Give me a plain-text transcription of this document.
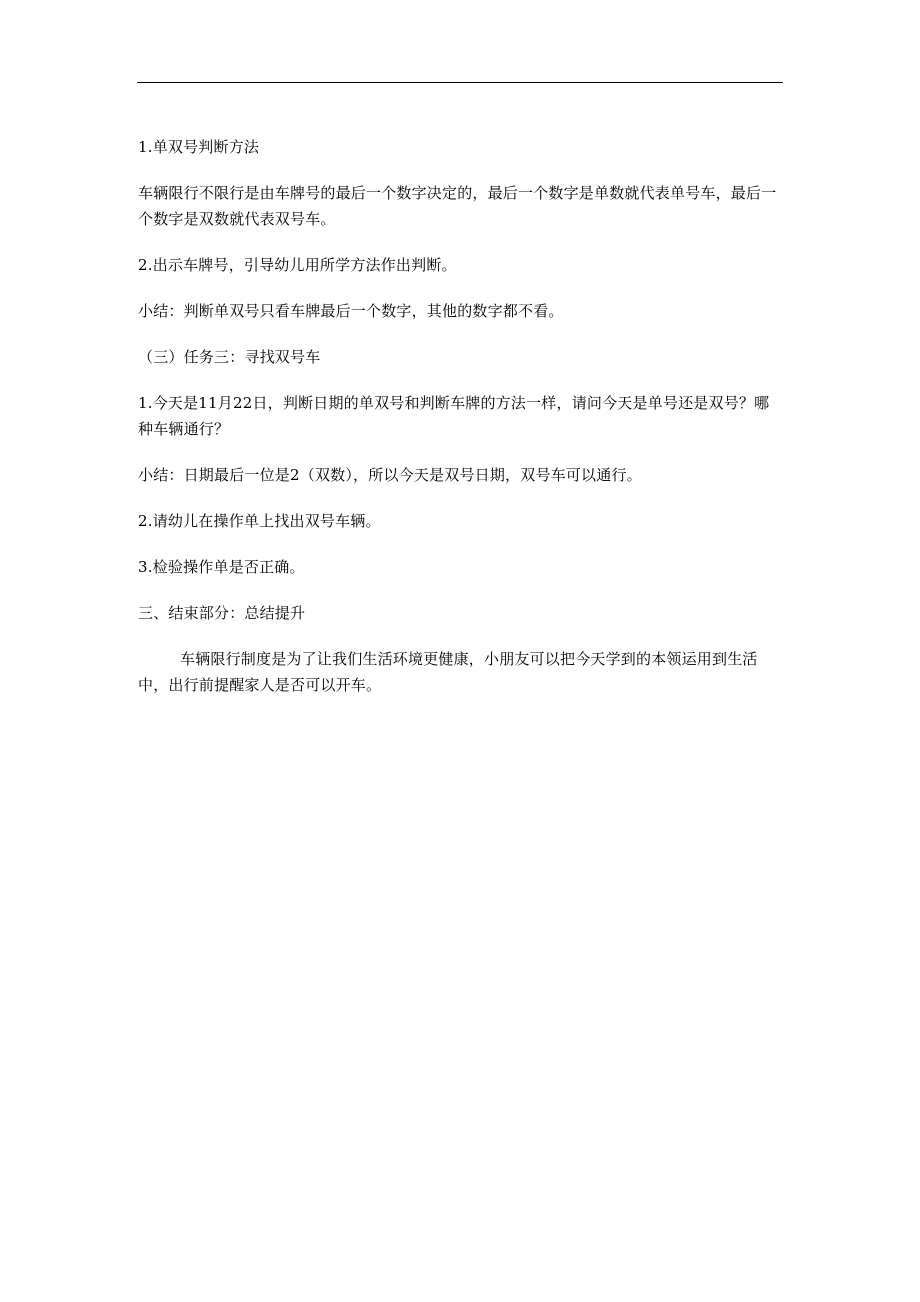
1.单双号判断方法

车辆限行不限行是由车牌号的最后一个数字决定的，最后一个数字是单数就代表单号车，最后一个数字是双数就代表双号车。

2.出示车牌号，引导幼儿用所学方法作出判断。

小结：判断单双号只看车牌最后一个数字，其他的数字都不看。

（三）任务三：寻找双号车

1.今天是11月22日，判断日期的单双号和判断车牌的方法一样，请问今天是单号还是双号？哪种车辆通行？

小结：日期最后一位是2（双数），所以今天是双号日期，双号车可以通行。

2.请幼儿在操作单上找出双号车辆。

3.检验操作单是否正确。

三、结束部分：总结提升

车辆限行制度是为了让我们生活环境更健康，小朋友可以把今天学到的本领运用到生活中，出行前提醒家人是否可以开车。
